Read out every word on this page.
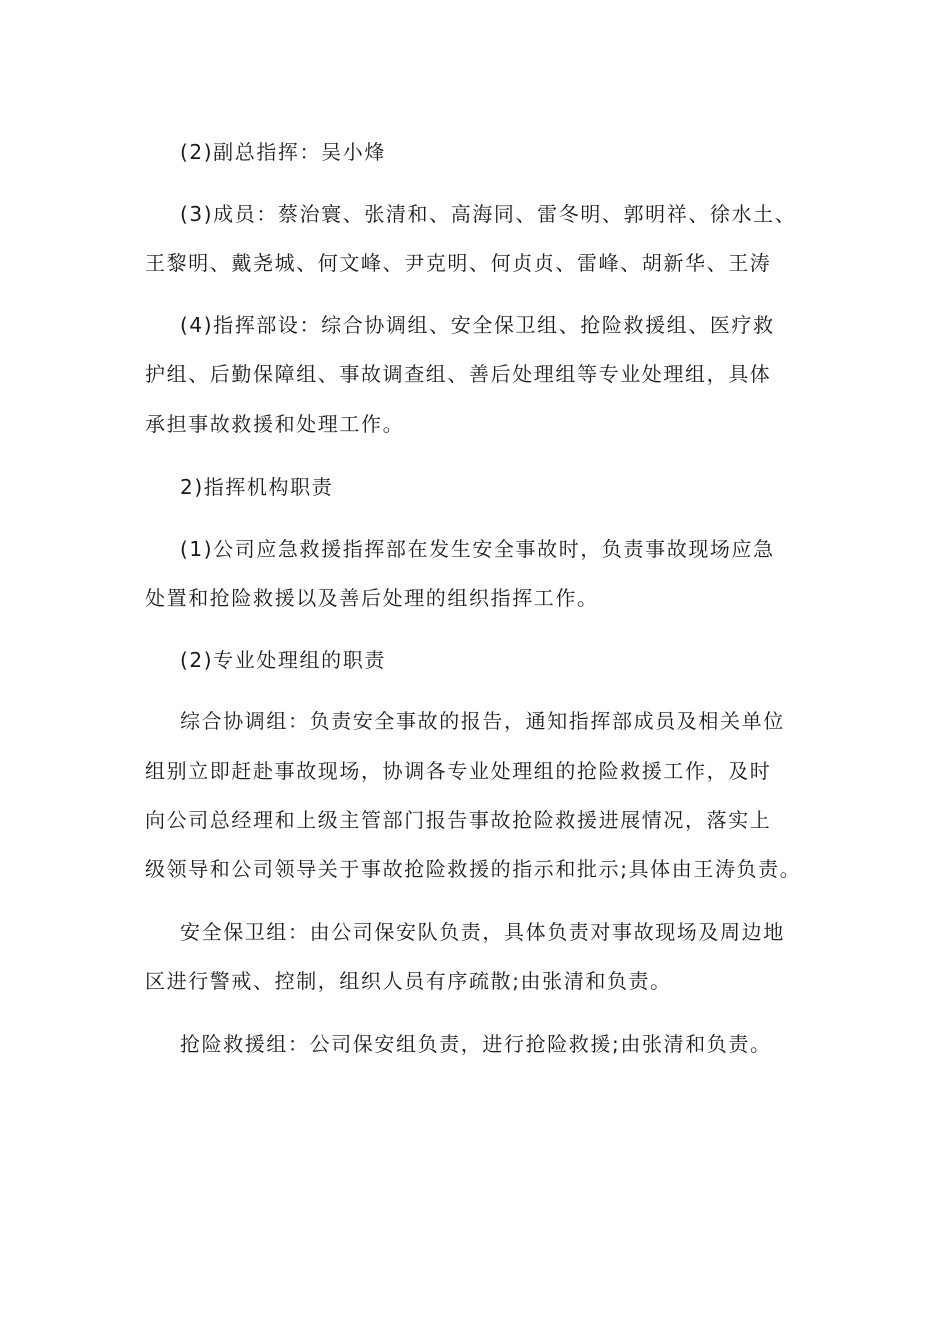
(2)副总指挥：吴小烽
(3)成员：蔡治寰、张清和、高海同、雷冬明、郭明祥、徐水土、
王黎明、戴尧城、何文峰、尹克明、何贞贞、雷峰、胡新华、王涛
(4)指挥部设：综合协调组、安全保卫组、抢险救援组、医疗救
护组、后勤保障组、事故调查组、善后处理组等专业处理组，具体
承担事故救援和处理工作。
2)指挥机构职责
(1)公司应急救援指挥部在发生安全事故时，负责事故现场应急
处置和抢险救援以及善后处理的组织指挥工作。
(2)专业处理组的职责
综合协调组：负责安全事故的报告，通知指挥部成员及相关单位
组别立即赶赴事故现场，协调各专业处理组的抢险救援工作，及时
向公司总经理和上级主管部门报告事故抢险救援进展情况，落实上
级领导和公司领导关于事故抢险救援的指示和批示;具体由王涛负责。
安全保卫组：由公司保安队负责，具体负责对事故现场及周边地
区进行警戒、控制，组织人员有序疏散;由张清和负责。
抢险救援组：公司保安组负责，进行抢险救援;由张清和负责。
